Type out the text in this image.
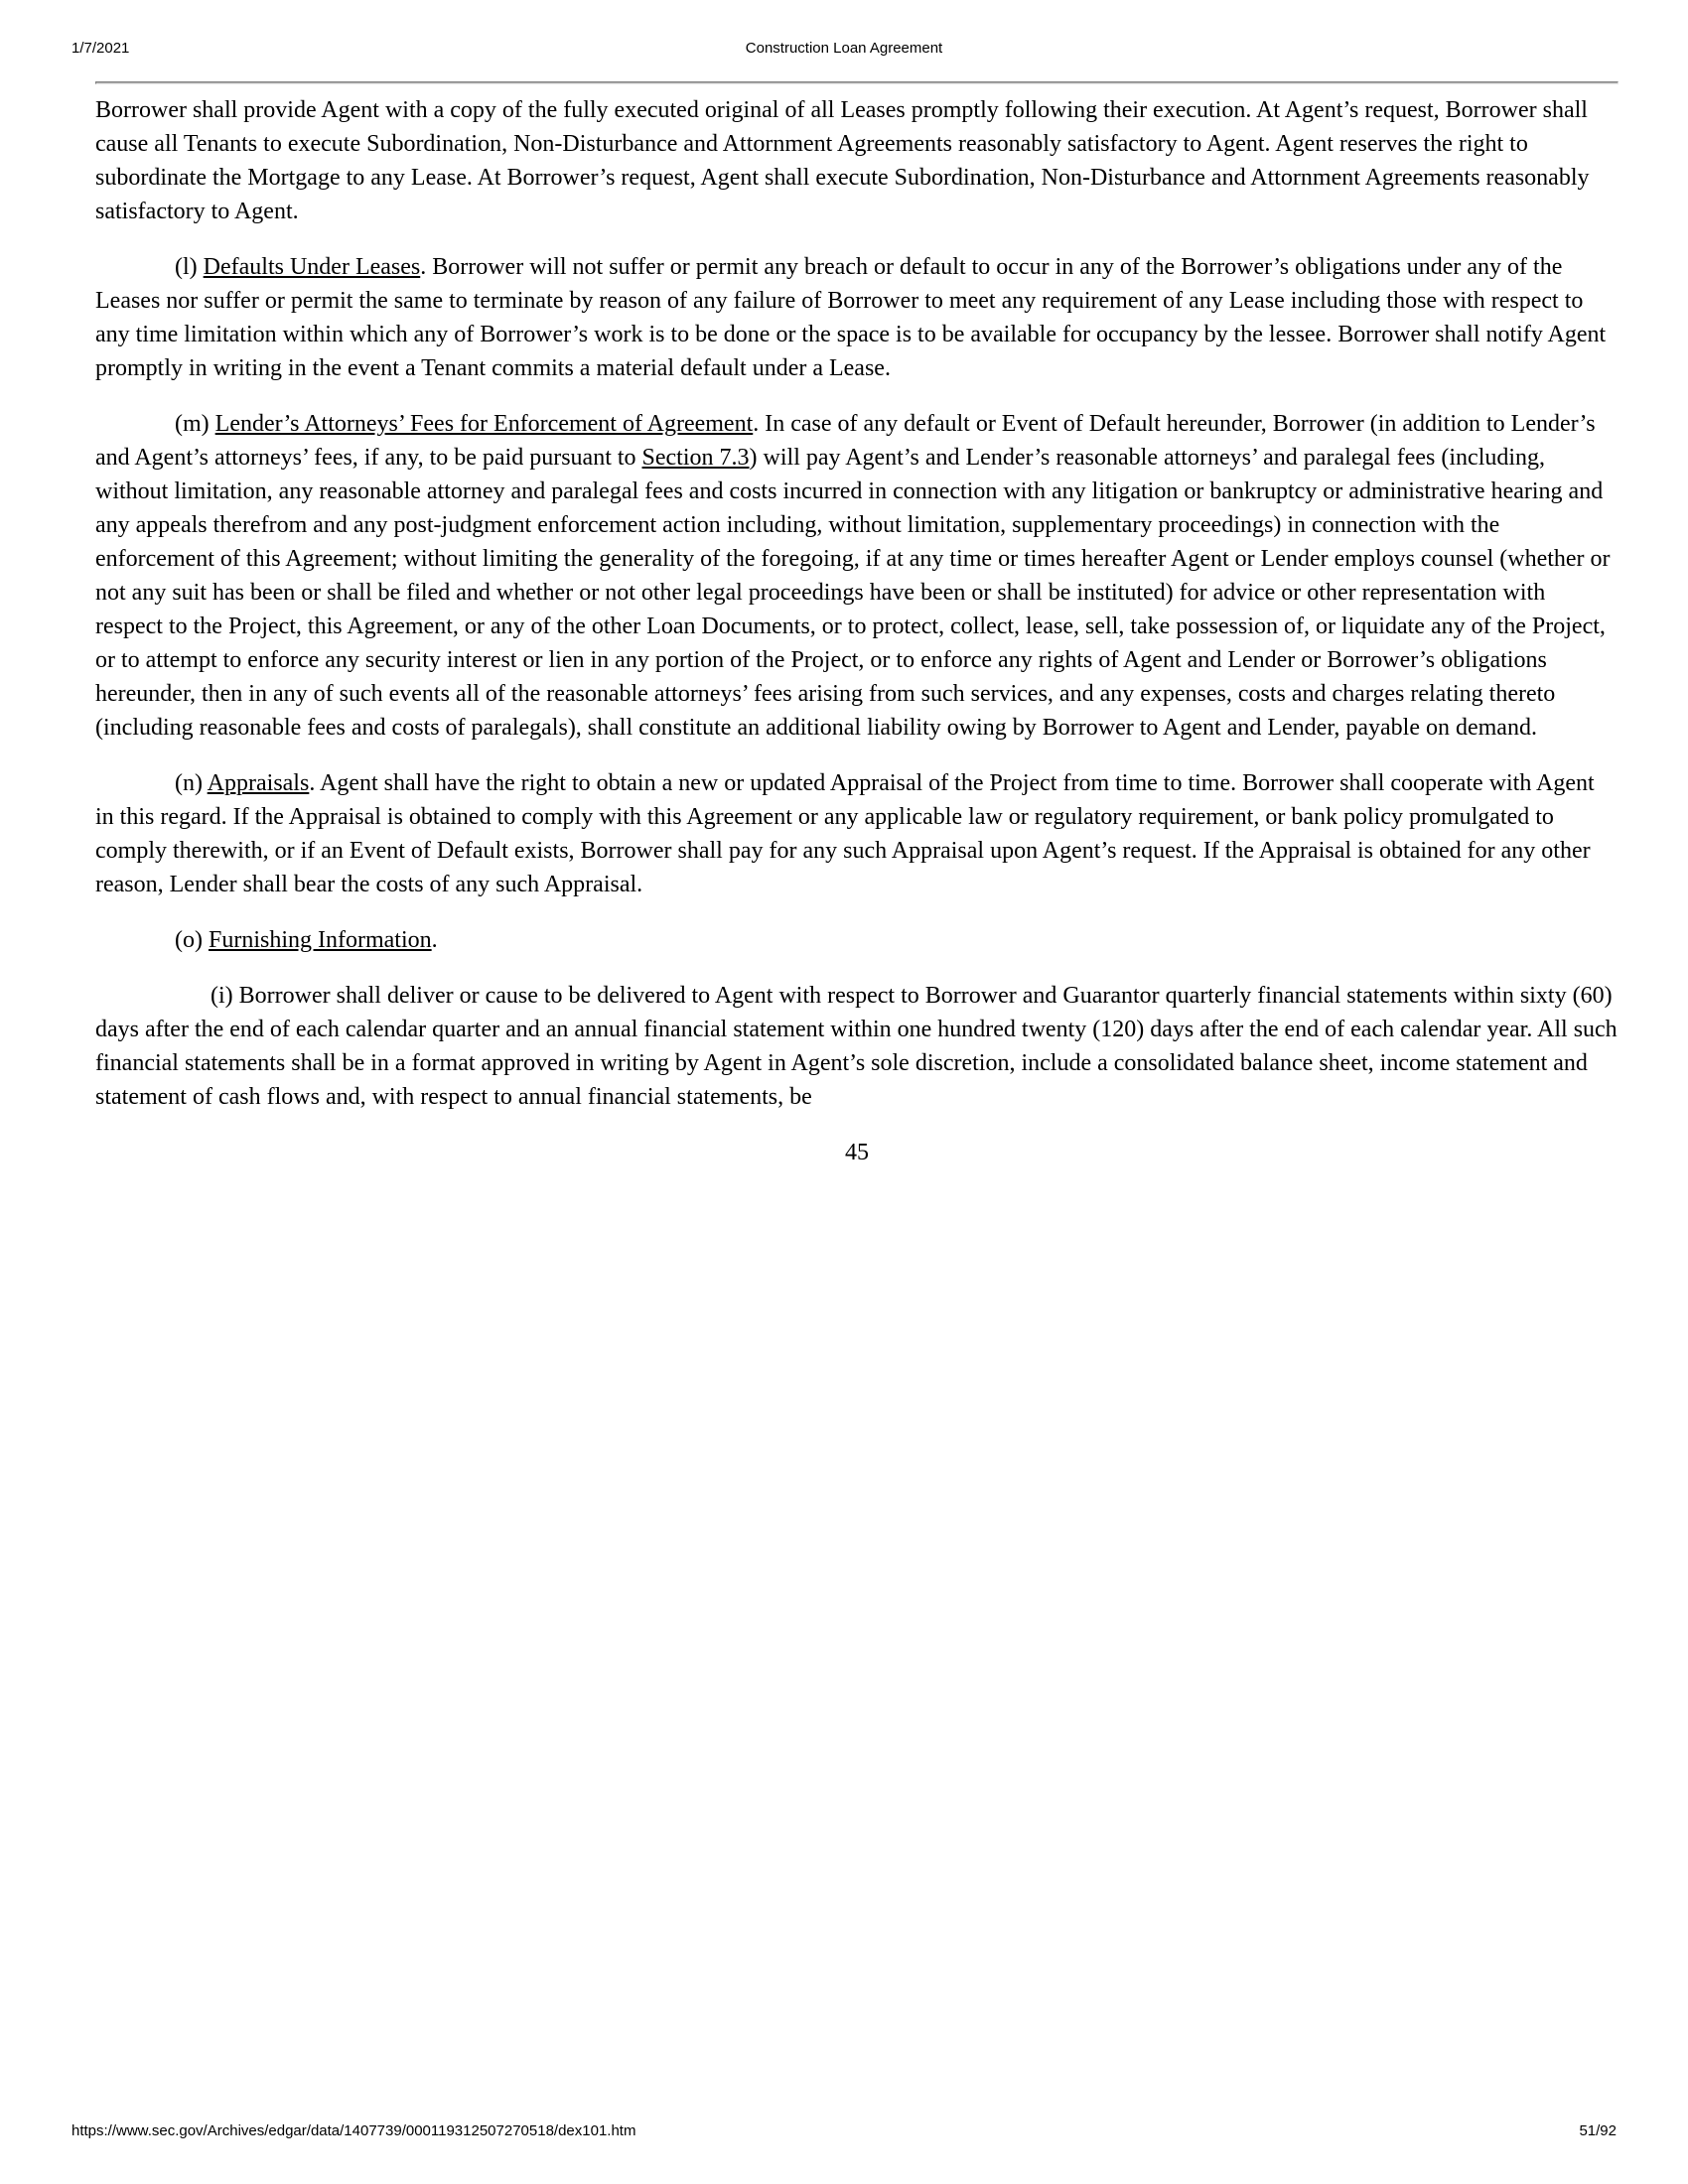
1/7/2021	Construction Loan Agreement

Borrower shall provide Agent with a copy of the fully executed original of all Leases promptly following their execution. At Agent’s request, Borrower shall cause all Tenants to execute Subordination, Non-Disturbance and Attornment Agreements reasonably satisfactory to Agent. Agent reserves the right to subordinate the Mortgage to any Lease. At Borrower’s request, Agent shall execute Subordination, Non-Disturbance and Attornment Agreements reasonably satisfactory to Agent.

(l) Defaults Under Leases. Borrower will not suffer or permit any breach or default to occur in any of the Borrower’s obligations under any of the Leases nor suffer or permit the same to terminate by reason of any failure of Borrower to meet any requirement of any Lease including those with respect to any time limitation within which any of Borrower’s work is to be done or the space is to be available for occupancy by the lessee. Borrower shall notify Agent promptly in writing in the event a Tenant commits a material default under a Lease.

(m) Lender’s Attorneys’ Fees for Enforcement of Agreement. In case of any default or Event of Default hereunder, Borrower (in addition to Lender’s and Agent’s attorneys’ fees, if any, to be paid pursuant to Section 7.3) will pay Agent’s and Lender’s reasonable attorneys’ and paralegal fees (including, without limitation, any reasonable attorney and paralegal fees and costs incurred in connection with any litigation or bankruptcy or administrative hearing and any appeals therefrom and any post-judgment enforcement action including, without limitation, supplementary proceedings) in connection with the enforcement of this Agreement; without limiting the generality of the foregoing, if at any time or times hereafter Agent or Lender employs counsel (whether or not any suit has been or shall be filed and whether or not other legal proceedings have been or shall be instituted) for advice or other representation with respect to the Project, this Agreement, or any of the other Loan Documents, or to protect, collect, lease, sell, take possession of, or liquidate any of the Project, or to attempt to enforce any security interest or lien in any portion of the Project, or to enforce any rights of Agent and Lender or Borrower’s obligations hereunder, then in any of such events all of the reasonable attorneys’ fees arising from such services, and any expenses, costs and charges relating thereto (including reasonable fees and costs of paralegals), shall constitute an additional liability owing by Borrower to Agent and Lender, payable on demand.

(n) Appraisals. Agent shall have the right to obtain a new or updated Appraisal of the Project from time to time. Borrower shall cooperate with Agent in this regard. If the Appraisal is obtained to comply with this Agreement or any applicable law or regulatory requirement, or bank policy promulgated to comply therewith, or if an Event of Default exists, Borrower shall pay for any such Appraisal upon Agent’s request. If the Appraisal is obtained for any other reason, Lender shall bear the costs of any such Appraisal.

(o) Furnishing Information.

(i) Borrower shall deliver or cause to be delivered to Agent with respect to Borrower and Guarantor quarterly financial statements within sixty (60) days after the end of each calendar quarter and an annual financial statement within one hundred twenty (120) days after the end of each calendar year. All such financial statements shall be in a format approved in writing by Agent in Agent’s sole discretion, include a consolidated balance sheet, income statement and statement of cash flows and, with respect to annual financial statements, be

45
https://www.sec.gov/Archives/edgar/data/1407739/000119312507270518/dex101.htm	51/92
